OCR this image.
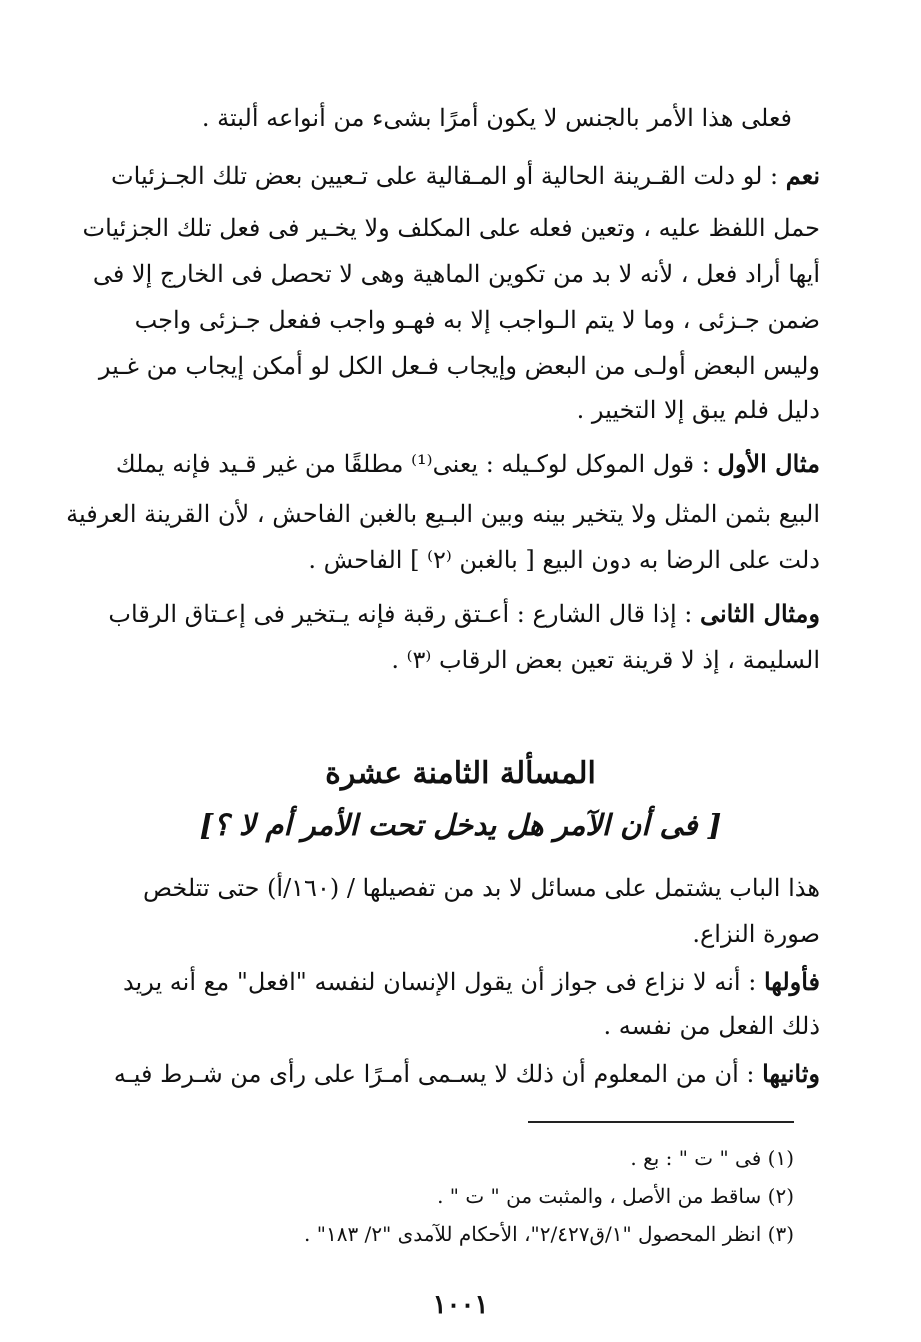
فعلى هذا الأمر بالجنس لا يكون أمرًا بشىء من أنواعه ألبتة .
نعم : لو دلت القـرينة الحالية أو المـقالية على تـعيين بعض تلك الجـزئيات
حمل اللفظ عليه ، وتعين فعله على المكلف ولا يخـير فى فعل تلك الجزئيات
أيها أراد فعل ، لأنه لا بد من تكوين الماهية وهى لا تحصل فى الخارج إلا فى
ضمن جـزئى ، وما لا يتم الـواجب إلا به فهـو واجب ففعل جـزئى واجب
وليس البعض أولـى من البعض وإيجاب فـعل الكل لو أمكن إيجاب من غـير
دليل فلم يبق إلا التخيير .
مثال الأول : قول الموكل لوكـيله : يعنى⁽¹⁾ مطلقًا من غير قـيد فإنه يملك
البيع بثمن المثل ولا يتخير بينه وبين البـيع بالغبن الفاحش ، لأن القرينة العرفية
دلت على الرضا به دون البيع [ بالغبن ⁽٢⁾ ] الفاحش .
ومثال الثانى : إذا قال الشارع : أعـتق رقبة فإنه يـتخير فى إعـتاق الرقاب
السليمة ، إذ لا قرينة تعين بعض الرقاب ⁽٣⁾ .
المسألة الثامنة عشرة
[ فى أن الآمر هل يدخل تحت الأمر أم لا ؟]
هذا الباب يشتمل على مسائل لا بد من تفصيلها / (١٦٠/أ) حتى تتلخص
صورة النزاع.
فأولها : أنه لا نزاع فى جواز أن يقول الإنسان لنفسه "افعل" مع أنه يريد
ذلك الفعل من نفسه .
وثانيها : أن من المعلوم أن ذلك لا يسـمى أمـرًا على رأى من شـرط فيـه
(١) فى " ت " : بع .
(٢) ساقط من الأصل ، والمثبت من " ت " .
(٣) انظر المحصول "١/ق٢/٤٢٧"، الأحكام للآمدى "٢/ ١٨٣" .
١٠٠١
